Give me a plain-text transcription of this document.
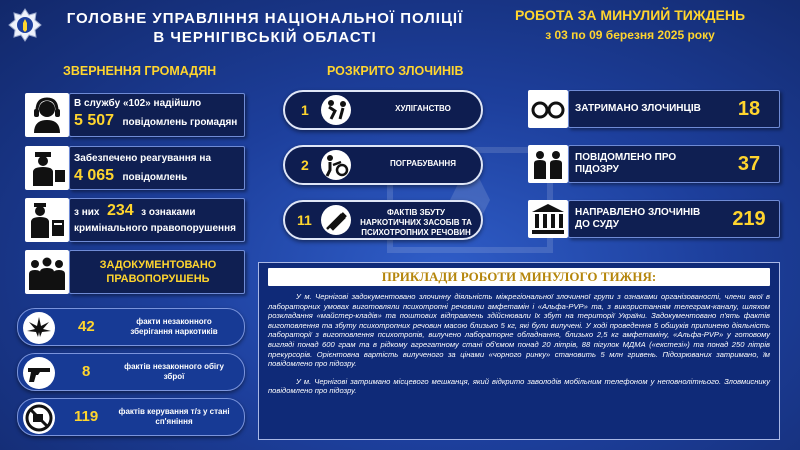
ГОЛОВНЕ УПРАВЛІННЯ НАЦІОНАЛЬНОЇ ПОЛІЦІЇ
В ЧЕРНІГІВСЬКІЙ ОБЛАСТІ
РОБОТА ЗА МИНУЛИЙ ТИЖДЕНЬ
з 03 по 09 березня 2025 року
ЗВЕРНЕННЯ ГРОМАДЯН	РОЗКРИТО ЗЛОЧИНІВ
В службу «102» надійшло
5 507 повідомлень громадян
Забезпечено реагування на
4 065 повідомлень
з них 234 з ознаками
кримінального правопорушення
ЗАДОКУМЕНТОВАНО ПРАВОПОРУШЕНЬ
42	факти незаконного зберігання наркотиків
8	фактів незаконного обігу зброї
119	фактів керування т/з у стані сп'яніння
1	ХУЛІГАНСТВО
2	ПОГРАБУВАННЯ
11	ФАКТІВ ЗБУТУ НАРКОТИЧНИХ ЗАСОБІВ ТА ПСИХОТРОПНИХ РЕЧОВИН
ЗАТРИМАНО ЗЛОЧИНЦІВ	18
ПОВІДОМЛЕНО ПРО ПІДОЗРУ	37
НАПРАВЛЕНО ЗЛОЧИНІВ ДО СУДУ	219
ПРИКЛАДИ РОБОТИ МИНУЛОГО ТИЖНЯ:

У м. Чернігові задокументовано злочинну діяльність міжрегіональної злочинної групи з ознаками організованості, члени якої в лабораторних умовах виготовляли психотропні речовини амфетамін і «Альфа-PVP» та, з використанням телеграм-каналу, шляхом розкладання «майстер-кладів» та поштових відправлень здійснювали їх збут на території України. Задокументовано п'ять фактів виготовлення та збуту психотропних речовин масою близько 5 кг, які були вилучені. У ході проведення 5 обшуків припинено діяльність лабораторії з виготовлення психотропів, вилучено лабораторне обладнання, близько 2,5 кг амфетаміну, «Альфа-PVP» у готовому вигляді понад 600 грам та в рідкому агрегатному стані об'ємом понад 20 літрів, 88 пігулок МДМА («екстезі») та понад 250 літрів прекурсорів. Орієнтовна вартість вилученого за цінами «чорного ринку» становить 5 млн гривень. Підозрюваних затримано, їм повідомлено про підозру.

У м. Чернігові затримано місцевого мешканця, який відкрито заволодів мобільним телефоном у неповнолітнього. Зловмиснику повідомлено про підозру.
